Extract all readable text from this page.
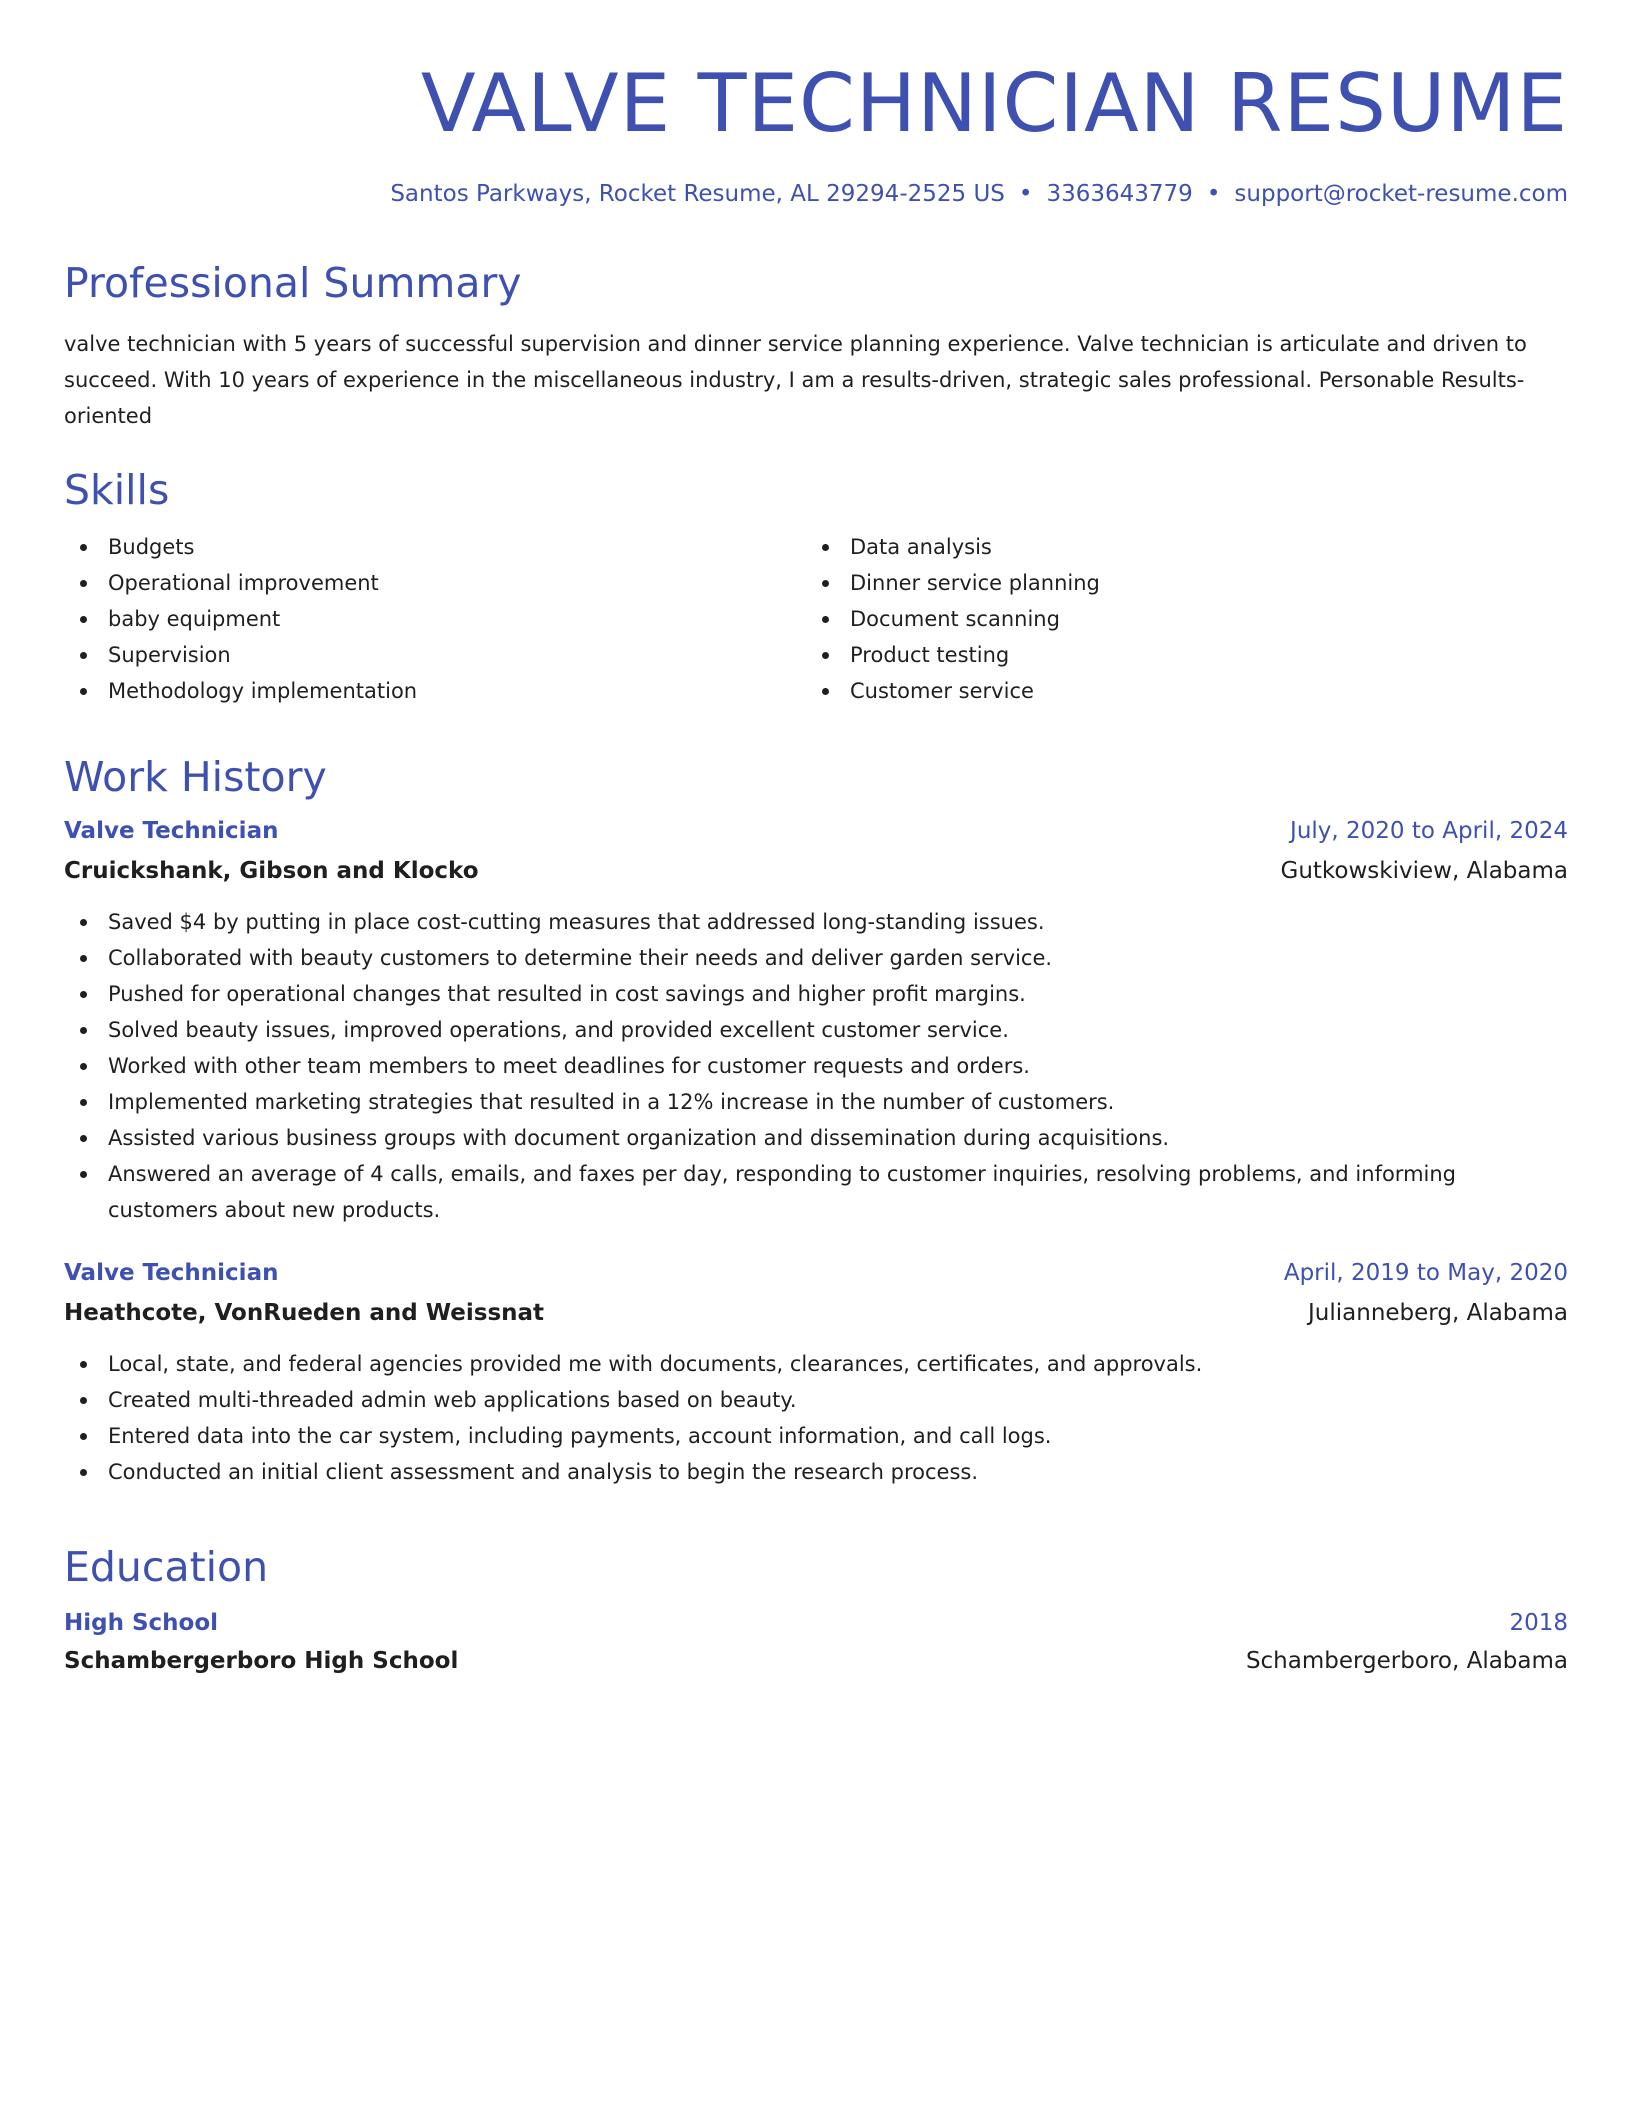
VALVE TECHNICIAN RESUME
Santos Parkways, Rocket Resume, AL 29294-2525 US • 3363643779 • support@rocket-resume.com
Professional Summary

valve technician with 5 years of successful supervision and dinner service planning experience. Valve technician is articulate and driven to succeed. With 10 years of experience in the miscellaneous industry, I am a results-driven, strategic sales professional. Personable Results-oriented

Skills
Budgets
Operational improvement
baby equipment
Supervision
Methodology implementation
Data analysis
Dinner service planning
Document scanning
Product testing
Customer service
Work History
Valve Technician	July, 2020 to April, 2024
Cruickshank, Gibson and Klocko	Gutkowskiview, Alabama
Saved $4 by putting in place cost-cutting measures that addressed long-standing issues.
Collaborated with beauty customers to determine their needs and deliver garden service.
Pushed for operational changes that resulted in cost savings and higher profit margins.
Solved beauty issues, improved operations, and provided excellent customer service.
Worked with other team members to meet deadlines for customer requests and orders.
Implemented marketing strategies that resulted in a 12% increase in the number of customers.
Assisted various business groups with document organization and dissemination during acquisitions.
Answered an average of 4 calls, emails, and faxes per day, responding to customer inquiries, resolving problems, and informing customers about new products.
Valve Technician	April, 2019 to May, 2020
Heathcote, VonRueden and Weissnat	Julianneberg, Alabama
Local, state, and federal agencies provided me with documents, clearances, certificates, and approvals.
Created multi-threaded admin web applications based on beauty.
Entered data into the car system, including payments, account information, and call logs.
Conducted an initial client assessment and analysis to begin the research process.
Education
High School	2018
Schambergerboro High School	Schambergerboro, Alabama
